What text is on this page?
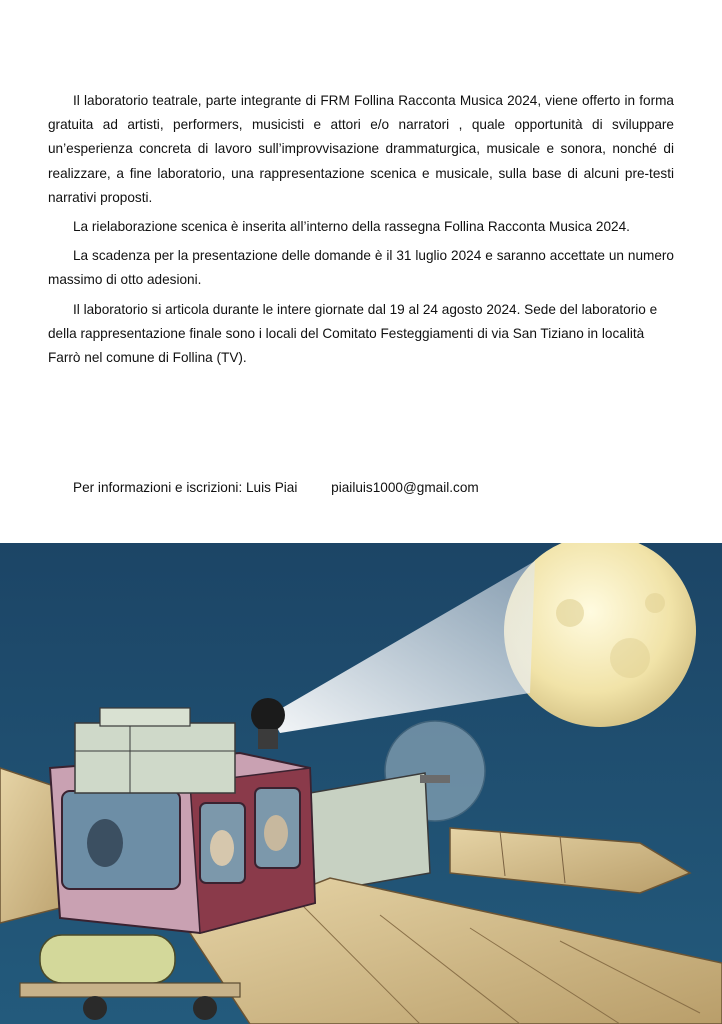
Il laboratorio teatrale, parte integrante di FRM Follina Racconta Musica 2024, viene offerto in forma gratuita ad artisti, performers, musicisti e attori e/o narratori , quale opportunità di sviluppare un’esperienza concreta di lavoro sull’improvvisazione drammaturgica, musicale e sonora, nonché di realizzare, a fine laboratorio, una rappresentazione scenica e musicale, sulla base di alcuni pre-testi narrativi proposti.

La rielaborazione scenica è inserita all’interno della rassegna Follina Racconta Musica 2024.

La scadenza per la presentazione delle domande è il 31 luglio 2024 e saranno accettate un numero massimo di otto adesioni.

Il laboratorio si articola durante le intere giornate dal 19 al 24 agosto 2024. Sede del laboratorio e della rappresentazione finale sono i locali del Comitato Festeggiamenti di via San Tiziano in località Farrò nel comune di Follina (TV).

Per informazioni e iscrizioni: Luis Piai piailuis1000@gmail.com
